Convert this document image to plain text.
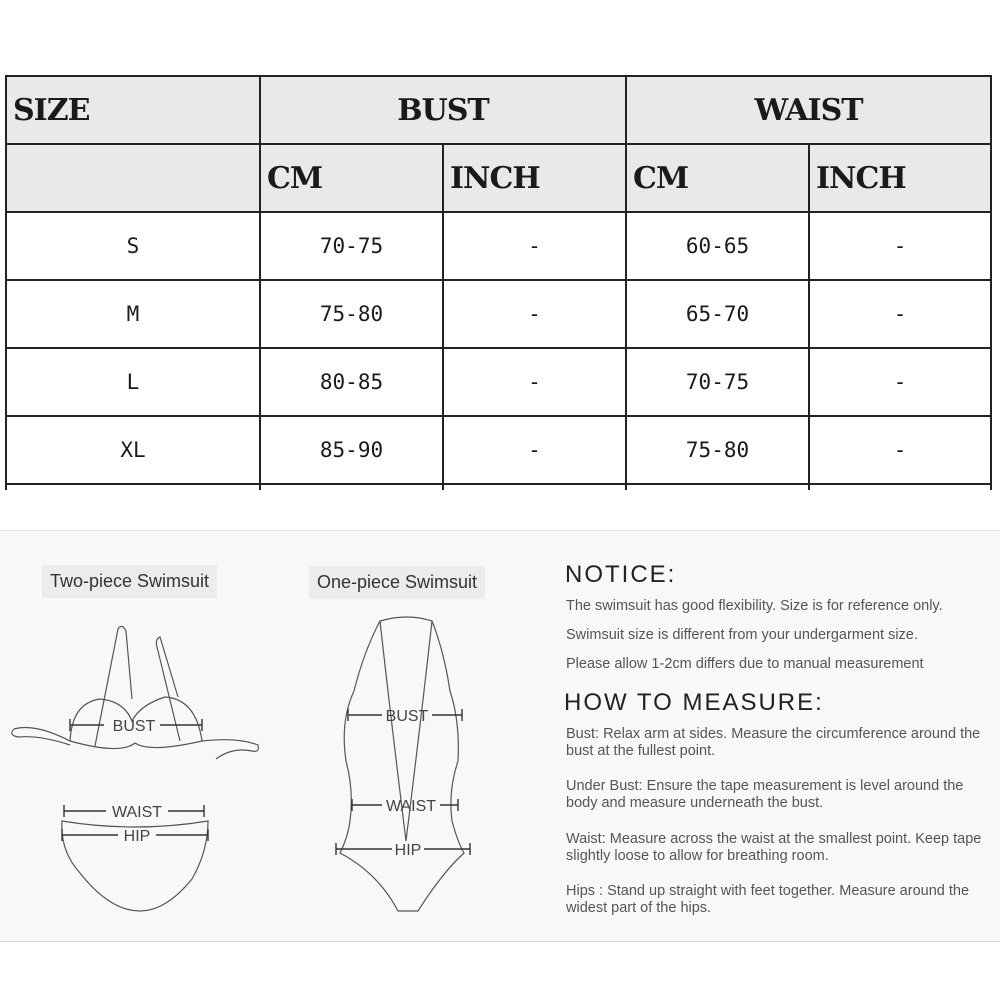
SIZE	BUST		WAIST	
	CM	INCH	CM	INCH
S	70-75	-	60-65	-
M	75-80	-	65-70	-
L	80-85	-	70-75	-
XL	85-90	-	75-80	-

Two-piece Swimsuit	One-piece Swimsuit
BUST
WAIST
HIP
BUST
WAIST
HIP
NOTICE:
The swimsuit has good flexibility. Size is for reference only.
Swimsuit size is different from your undergarment size.
Please allow 1-2cm differs due to manual measurement
HOW TO MEASURE:
Bust: Relax arm at sides. Measure the circumference around the bust at the fullest point.
Under Bust: Ensure the tape measurement is level around the body and measure underneath the bust.
Waist: Measure across the waist at the smallest point. Keep tape slightly loose to allow for breathing room.
Hips : Stand up straight with feet together. Measure around the widest part of the hips.
